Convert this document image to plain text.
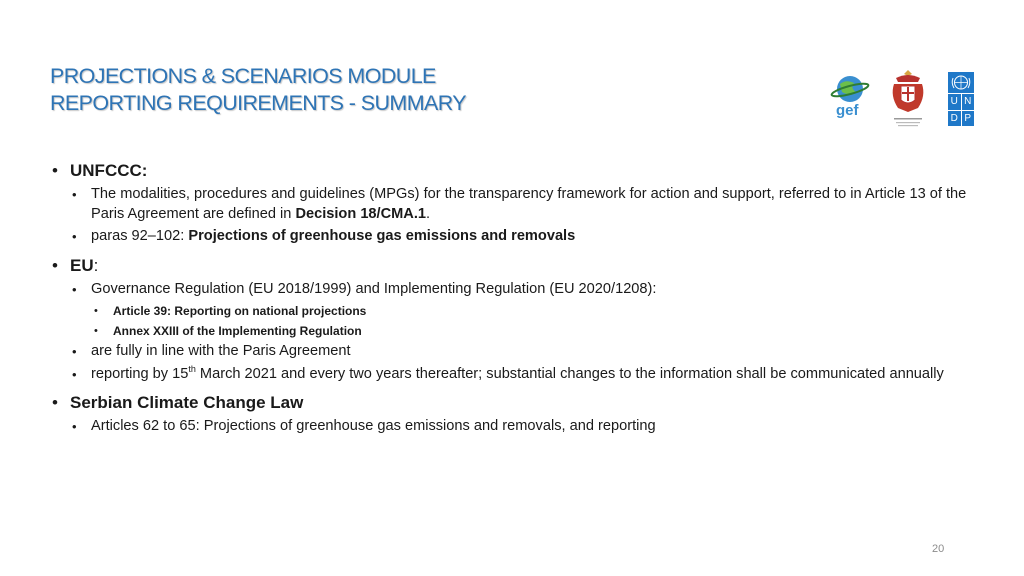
PROJECTIONS & SCENARIOS MODULE
REPORTING REQUIREMENTS - SUMMARY	gef
U N
D P
• UNFCCC:
• The modalities, procedures and guidelines (MPGs) for the transparency framework for action and support, referred to in Article 13 of the Paris Agreement are defined in Decision 18/CMA.1.
• paras 92–102: Projections of greenhouse gas emissions and removals
• EU:
• Governance Regulation (EU 2018/1999) and Implementing Regulation (EU 2020/1208):
• Article 39: Reporting on national projections
• Annex XXIII of the Implementing Regulation
• are fully in line with the Paris Agreement
• reporting by 15th March 2021 and every two years thereafter; substantial changes to the information shall be communicated annually
• Serbian Climate Change Law
• Articles 62 to 65: Projections of greenhouse gas emissions and removals, and reporting
20
